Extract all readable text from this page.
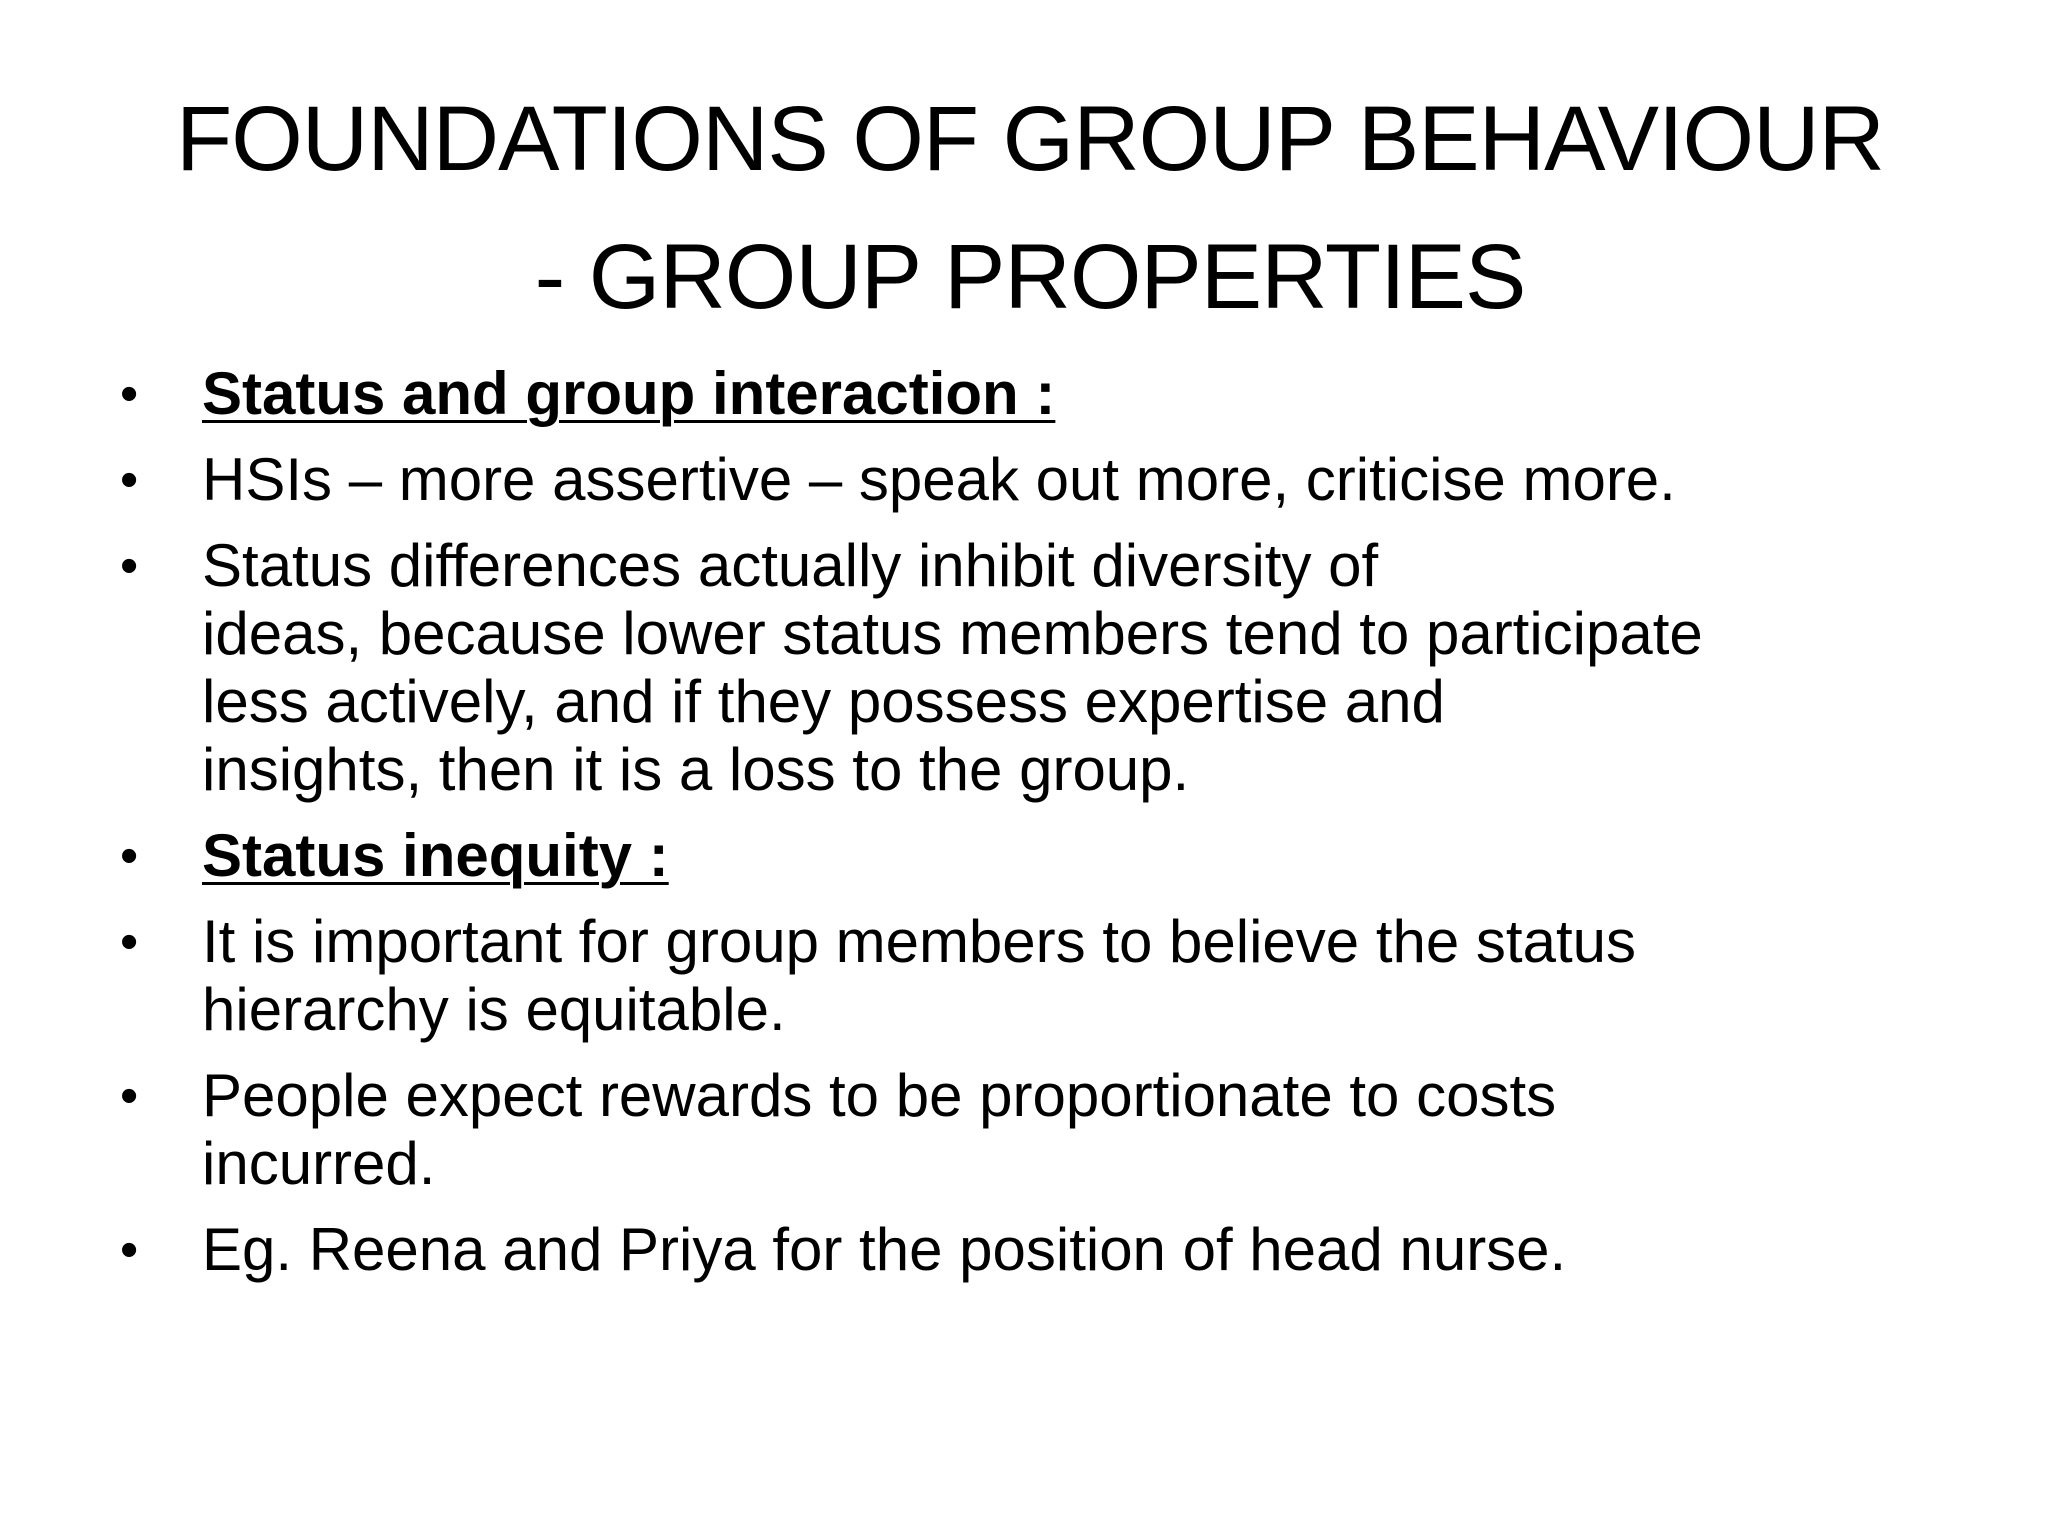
FOUNDATIONS OF GROUP BEHAVIOUR
- GROUP PROPERTIES
•	Status and group interaction :
•	HSIs – more assertive – speak out more, criticise more.
•	Status differences actually inhibit diversity of
ideas, because lower status members tend to participate
less actively, and if they possess expertise and
insights, then it is a loss to the group.
•	Status inequity :
•	It is important for group members to believe the status
hierarchy is equitable.
•	People expect rewards to be proportionate to costs
incurred.
•	Eg. Reena and Priya for the position of head nurse.
